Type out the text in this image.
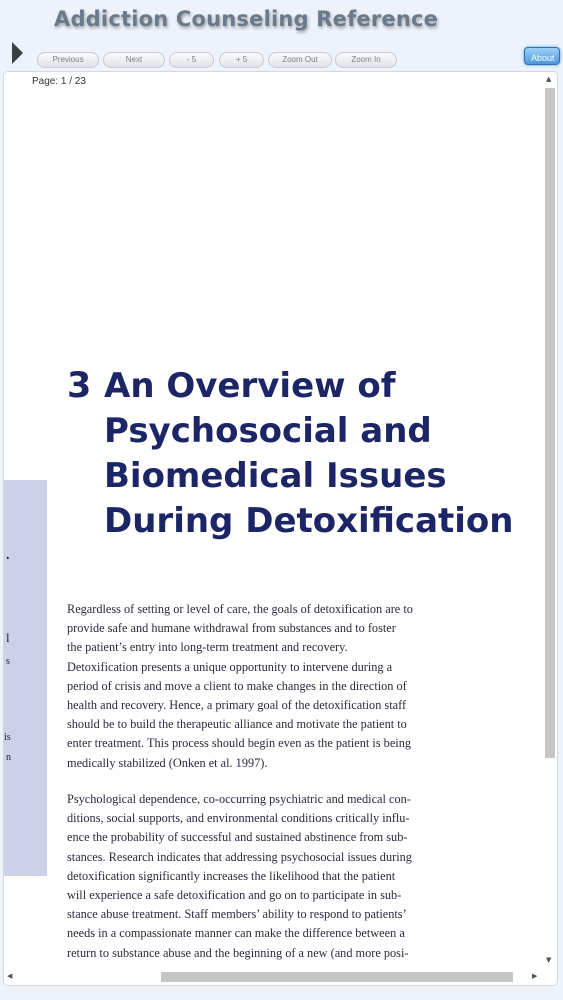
Addiction Counseling Reference
Previous	Next	- 5	+ 5	Zoom Out	Zoom In	About
Page: 1 / 23
.
l
s
is
n
3 An Overview of
Psychosocial and
Biomedical Issues
During Detoxification

Regardless of setting or level of care, the goals of detoxification are to
provide safe and humane withdrawal from substances and to foster
the patient’s entry into long-term treatment and recovery.
Detoxification presents a unique opportunity to intervene during a
period of crisis and move a client to make changes in the direction of
health and recovery. Hence, a primary goal of the detoxification staff
should be to build the therapeutic alliance and motivate the patient to
enter treatment. This process should begin even as the patient is being
medically stabilized (Onken et al. 1997).

Psychological dependence, co-occurring psychiatric and medical con-
ditions, social supports, and environmental conditions critically influ-
ence the probability of successful and sustained abstinence from sub-
stances. Research indicates that addressing psychosocial issues during
detoxification significantly increases the likelihood that the patient
will experience a safe detoxification and go on to participate in sub-
stance abuse treatment. Staff members’ ability to respond to patients’
needs in a compassionate manner can make the difference between a
return to substance abuse and the beginning of a new (and more posi-

▲
▼
◀	▶
